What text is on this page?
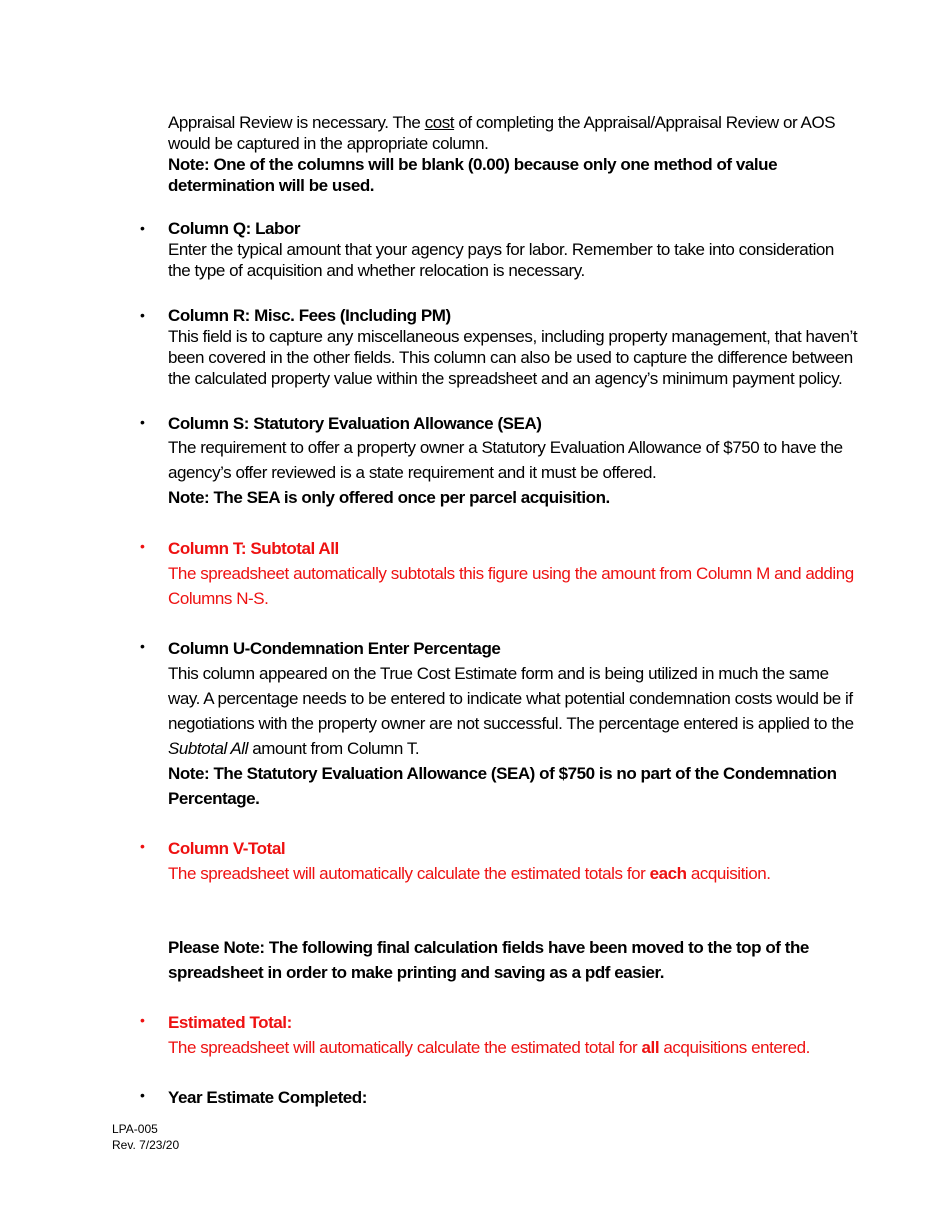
Appraisal Review is necessary. The cost of completing the Appraisal/Appraisal Review or AOS

would be captured in the appropriate column.

Note: One of the columns will be blank (0.00) because only one method of value determination will be used.

• Column Q: Labor

Enter the typical amount that your agency pays for labor. Remember to take into consideration the type of acquisition and whether relocation is necessary.

• Column R: Misc. Fees (Including PM)

This field is to capture any miscellaneous expenses, including property management, that haven’t been covered in the other fields. This column can also be used to capture the difference between the calculated property value within the spreadsheet and an agency’s minimum payment policy.

• Column S: Statutory Evaluation Allowance (SEA)

The requirement to offer a property owner a Statutory Evaluation Allowance of $750 to have the agency’s offer reviewed is a state requirement and it must be offered.

Note: The SEA is only offered once per parcel acquisition.

• Column T: Subtotal All

The spreadsheet automatically subtotals this figure using the amount from Column M and adding Columns N-S.

• Column U-Condemnation Enter Percentage

This column appeared on the True Cost Estimate form and is being utilized in much the same way. A percentage needs to be entered to indicate what potential condemnation costs would be if negotiations with the property owner are not successful. The percentage entered is applied to the Subtotal All amount from Column T.

Note: The Statutory Evaluation Allowance (SEA) of $750 is no part of the Condemnation Percentage.

• Column V-Total

The spreadsheet will automatically calculate the estimated totals for each acquisition.

Please Note: The following final calculation fields have been moved to the top of the spreadsheet in order to make printing and saving as a pdf easier.

• Estimated Total:

The spreadsheet will automatically calculate the estimated total for all acquisitions entered.

• Year Estimate Completed:

LPA-005
Rev. 7/23/20
